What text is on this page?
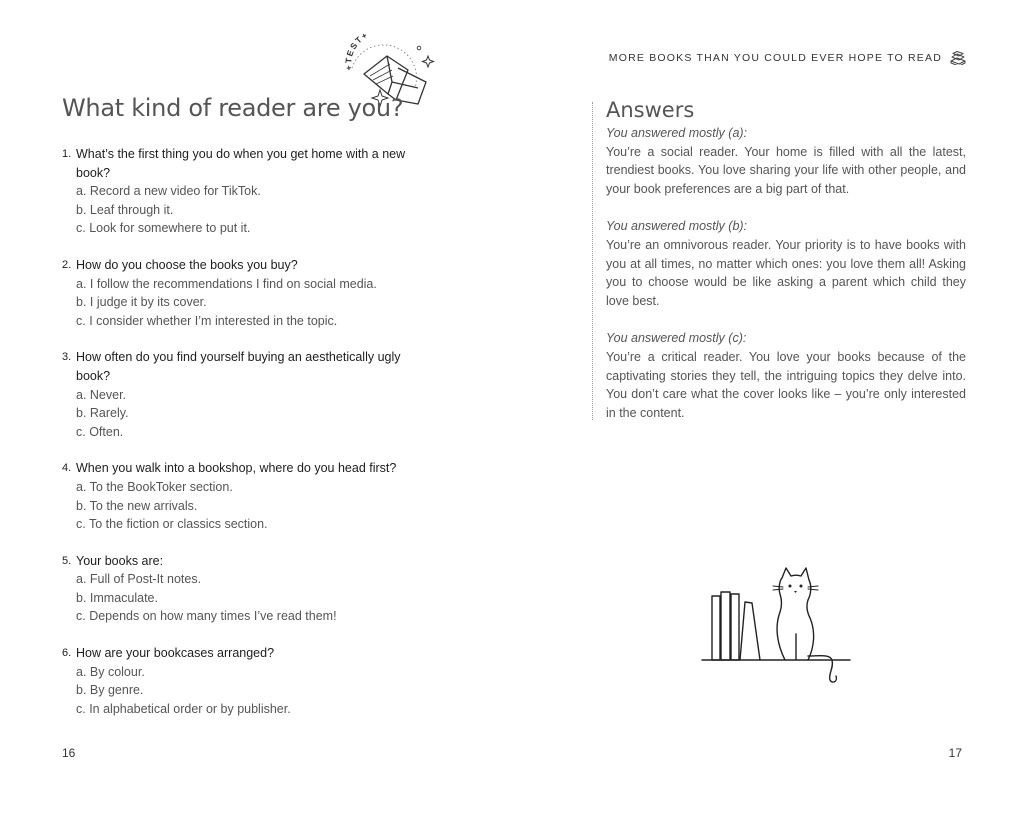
+TEST+
What kind of reader are you?
1. What’s the first thing you do when you get home with a new book?
a. Record a new video for TikTok.
b. Leaf through it.
c. Look for somewhere to put it.
2. How do you choose the books you buy?
a. I follow the recommendations I find on social media.
b. I judge it by its cover.
c. I consider whether I’m interested in the topic.
3. How often do you find yourself buying an aesthetically ugly book?
a. Never.
b. Rarely.
c. Often.
4. When you walk into a bookshop, where do you head first?
a. To the BookToker section.
b. To the new arrivals.
c. To the fiction or classics section.
5. Your books are:
a. Full of Post-It notes.
b. Immaculate.
c. Depends on how many times I’ve read them!
6. How are your bookcases arranged?
a. By colour.
b. By genre.
c. In alphabetical order or by publisher.
16
MORE BOOKS THAN YOU COULD EVER HOPE TO READ
Answers
You answered mostly (a):

You’re a social reader. Your home is filled with all the latest, trendiest books. You love sharing your life with other people, and your book preferences are a big part of that.

You answered mostly (b):

You’re an omnivorous reader. Your priority is to have books with you at all times, no matter which ones: you love them all! Asking you to choose would be like asking a parent which child they love best.

You answered mostly (c):

You’re a critical reader. You love your books because of the captivating stories they tell, the intriguing topics they delve into. You don’t care what the cover looks like – you’re only interested in the content.

17
